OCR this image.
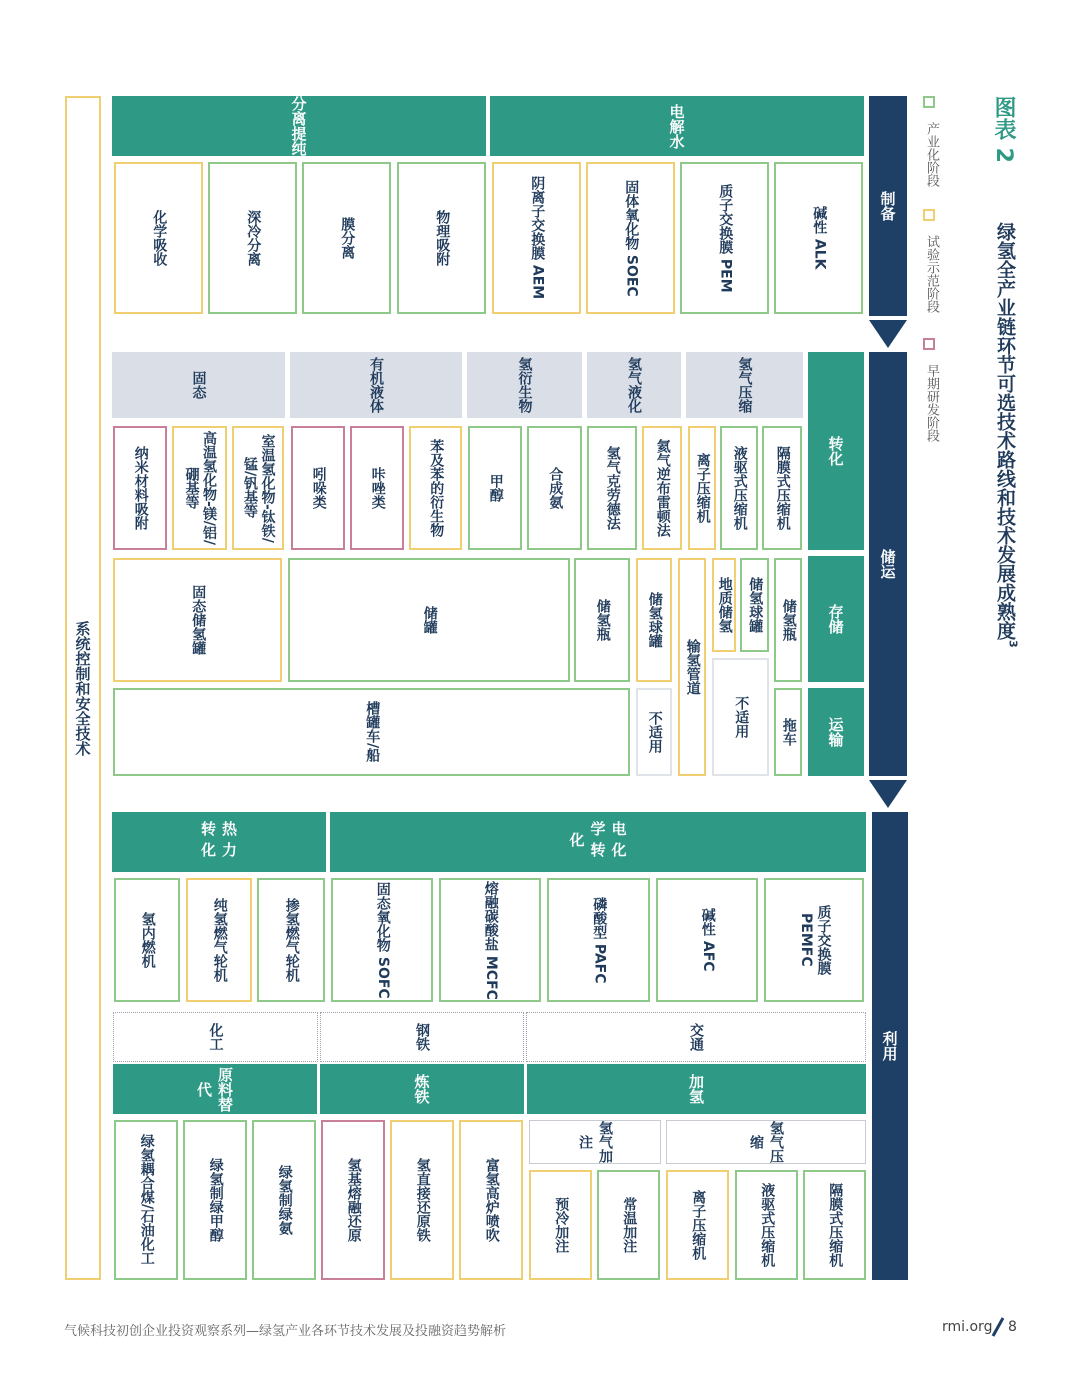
图表 2
绿氢全产业链环节可选技术路线和技术发展成熟度$^3$
产业化阶段
试验示范阶段
早期研发阶段
制备
储运
利用
电解水
分离提纯
碱性 ALK
质子交换膜 PEM
固体氧化物 SOEC
阴离子交换膜 AEM
物理吸附
膜分离
深冷分离
化学吸收
转化
存储
运输
氢气压缩
氢气液化
氢衍生物
有机液体
固态
隔膜式压缩机
液驱式压缩机
离子压缩机
氦气逆布雷顿法
氢气克劳德法
合成氨
甲醇
苯及苯的衍生物
咔唑类
吲哚类
室温氢化物-钛铁/锰/钒基等
高温氢化物-镁/铝/硼基等
纳米材料吸附
储氢瓶
储氢球罐
地质储氢
输氢管道
储氢球罐
储氢瓶
储罐
固态储氢罐
拖车
不适用
不适用
槽罐车/船
电化学转化
热力转化
质子交换膜 PEMFC
碱性 AFC
磷酸型 PAFC
熔融碳酸盐 MCFC
固态氧化物 SOFC
掺氢燃气轮机
纯氢燃气轮机
氢内燃机
交通
钢铁
化工
加氢
炼铁
原料替代
氢气压缩
氢气加注
隔膜式压缩机
液驱式压缩机
离子压缩机
常温加注
预冷加注
富氢高炉喷吹
氢直接还原铁
氢基熔融还原
绿氢制绿氨
绿氢制绿甲醇
绿氢耦合煤/石油化工
系统控制和安全技术
气候科技初创企业投资观察系列—绿氢产业各环节技术发展及投融资趋势解析	rmi.org 8
